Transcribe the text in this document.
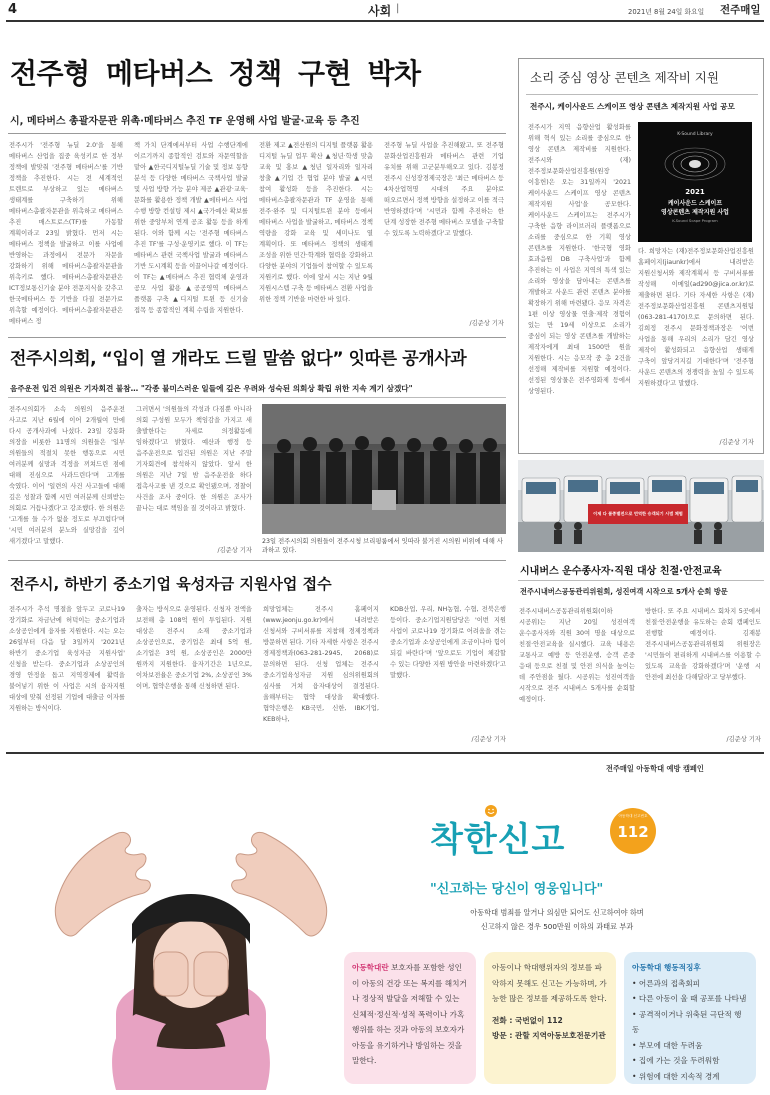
4	사회 |	2021년 8월 24일 화요일 전주매일
전주형 메타버스 정책 구현 박차
시, 메타버스 총괄자문관 위촉·메타버스 추진 TF 운영해 사업 발굴·교육 등 추진
전주시가 '전주형 뉴딜 2.0'을 통해 메타버스 산업을 집중 육성키로 한 정부 정책에 발맞춰 '전주형 메타버스'를 기반 정책을 추진한다. 시는 전 세계적인 트렌트로 부상하고 있는 메타버스 생태계를 구축하기 위해 메타버스총괄자문관을 위촉하고 메타버스 추진 매스트로스(TF)를 가동할 계획이라고 23일 밝혔다. 먼저 시는 메타버스 정책을 발굴하고 이를 사업에 반영하는 과정에서 전문가 자문을 강화하기 위해 메타버스총괄자문관을 위촉키로 했다. 메타버스총괄자문관은 ICT정보통신기술 분야 전문지식을 갖추고 한국메타버스 등 기반을 다질 전문가로 위촉할 예정이다. 메타버스총괄자문관은 메타버스 정
책 가치 단계에서부터 사업 수행단계에 이르기까지 종합적인 검토와 자문역할을 맡아 ▲한국디지털뉴딜 기술 및 정보 동향 분석 등 다양한 메타버스 국책사업 발굴 및 사업 방향 가능 분야 제공 ▲관광·교육·문화를 활용한 정책 개발 ▲메타버스 사업 수행 방향 컨설팅 제시 ▲국가예산 확보를 위한 중앙부처 연계 공조 활동 등을 하게 된다. 이와 함께 시는 '전주형 메타버스 추진 TF'를 구성·운영키로 했다. 이 TF는 메타버스 관련 국책사업 발굴과 메타버스 기반 도시계획 등을 이끌어나갈 예정이다. 이 TF는 ▲메타버스 추진 협력체 운영과 공모 사업 활용 ▲공공영역 메타버스 플랫폼 구축 ▲디지털 트윈 등 신기술 접목 등 종합적인 계획 수립을 지원한다.
전환 제고 ▲전산원의 디지털 플랫폼 활용 디지털 뉴딜 업무 확산 ▲청년·학생 맞춤 교육 및 홍보 ▲청년 일자리와 일자리 창출 ▲기업 간 협업 분야 발굴 ▲시민 참여 활성화 등을 추진한다. 시는 메타버스총괄자문관과 TF 운영을 통해 전주·완주 및 디지털트윈 분야 등에서 메타버스 사업을 발굴하고, 메타버스 정책 역량을 강화 교육 및 세미나도 열 계획이다. 또 메타버스 정책의 생태계 조성을 위한 민간·학계와 협력을 강화하고 다양한 분야의 기업들이 참여할 수 있도록 지원키로 했다. 이에 앞서 시는 지난 9월 지원시스템 구축 등 메타버스 전환 사업을 위한 정책 기반을 마련한 바 있다.
전주형 뉴딜 사업을 추진해왔고, 또 전주형 문화산업진흥원과 메타버스 관련 기업 유치를 위해 고군분투해오고 있다. 김봉정 전주시 신성장경제국장은 '최근 메타버스 등 4차산업혁명 시대의 주요 분야로 떠오르면서 정책 방향을 설정하고 이를 적극 반영하겠다'며 '시민과 함께 추진하는 한 단계 성장한 전주형 메타버스 모델을 구축할 수 있도록 노력하겠다'고 말했다.
/김준상 기자
소리 중심 영상 콘텐츠 제작비 지원
전주시, 케이사운드 스케이프 영상 콘텐츠 제작지원 사업 공모
전주시가 지역 음향산업 활성화를 위해 혁식 있는 소리를 중심으로 한 영상 콘텐츠 제작비를 지원한다. 전주시와 (재)전주정보문화산업진흥원(원장 이흥헌)은 오는 31일까지 '2021 케이사운드 스케이프 영상 콘텐츠 제작지원 사업'을 공모한다. 케이사운드 스케이프는 전주시가 구축한 음향 라이브러리 플랫폼으로 소리를 중심으로 한 기획 영상 콘텐츠를 지원한다. '한국형 영화 효과음원 DB 구축사업'과 함께 추진하는 이 사업은 지역의 특색 있는 소리와 영상을 담아내는 콘텐츠를 개발하고 사운드 관련 콘텐츠 분야를 확장하기 위해 마련됐다. 응모 자격은 1편 이상 영상물 연출·제작 경험이 있는 만 19세 이상으로 소리가 중심이 되는 영상 콘텐츠를 개발하는 제작자에게 최대 1500만 원을 지원한다. 시는 응모작 중 총 2건을 선정해 제작비를 지원할 예정이다. 선정된 영상물은 전주영화제 등에서 상영된다.
K-Sound Library
2021
케이사운드 스케이프
영상콘텐츠 제작지원 사업
K-Sound Scape Program
다. 희망자는 (재)전주정보문화산업진흥원 홈페이지(jiaunkr)에서 내려받은 지원신청서와 제작계획서 등 구비서류를 작성해 이메일(ad290@jica.or.kr)로 제출하면 된다. 기타 자세한 사항은 (재)전주정보문화산업진흥원 콘텐츠지원팀(063-281-4170)으로 문의하면 된다. 김희정 전주시 문화정책과장은 '이번 사업을 통해 우리의 소리가 담긴 영상 제작이 활성화되고 음향산업 생태계 구축이 앞당겨지길 기대한다'며 '전주형 사운드 콘텐츠의 경쟁력을 높일 수 있도록 지원하겠다'고 말했다.
/김준상 기자
전주시의회, “입이 열 개라도 드릴 말씀 없다” 잇따른 공개사과
음주운전 입건 의원은 기자회견 불참… "각종 불미스러운 일들에 깊은 우려와 성숙된 의회상 확립 위한 지속 계기 삼겠다"
전주시의회가 소속 의원의 음주운전 사고로 지난 6월에 이어 2개월여 만에 다시 공개사과에 나섰다. 23일 강동화 의장을 비롯한 11명의 의원들은 '일부 의원들의 적절치 못한 행동으로 시민 여러분께 실망과 걱정을 끼쳐드린 점에 대해 진심으로 사과드린다'며 고개를 숙였다. 이어 '일련의 사건 사고들에 대해 깊은 성찰과 함께 시민 여러분께 신뢰받는 의회로 거듭나겠다'고 강조했다. 한 의원은 '고개를 들 수가 없을 정도로 부끄럽다'며 '시민 여러분의 분노와 실망감을 깊이 새기겠다'고 말했다.
그러면서 '의원들의 각성과 다짐뿐 아니라 의회 구성원 모두가 책임감을 가지고 새 출발한다는 자세로 의정활동에 임하겠다'고 밝혔다. 예산과 행정 등 음주운전으로 입건된 의원은 지난 주말 기자회견에 참석하지 않았다. 앞서 한 의원은 지난 7일 밤 음주운전을 하다 접촉사고를 낸 것으로 확인됐으며, 경찰이 사건을 조사 중이다. 한 의원은 조사가 끝나는 대로 책임을 질 것이라고 밝혔다.
/김준상 기자
23일 전주시의회 의원들이 전주시청 브리핑룸에서 잇따라 불거진 시의원 비위에 대해 사과하고 있다.
이제 다 품종별전으로 번역한 승객되기 시범 체험
시내버스 운수종사자·직원 대상 친절·안전교육
전주시내버스공동관리위원회, 성진여객 시작으로 5개사 순회 방문
전주시내버스공동관리위원회(이하 시공위)는 지난 20일 성진여객 운수종사자와 직원 30여 명을 대상으로 친절·안전교육을 실시했다. 교육 내용은 교통사고 예방 등 안전운행, 승객 존중 응대 등으로 친절 및 안전 의식을 높이는 데 주안점을 뒀다. 시공위는 성진여객을 시작으로 전주 시내버스 5개사를 순회할 예정이다.
방한다. 또 주요 시내버스 회차지 5곳에서 친절·안전운행을 유도하는 순회 캠페인도 진행할 예정이다. 김재봉 전주시내버스공동관리위원회 위원장은 '시민들이 편리하게 시내버스를 이용할 수 있도록 교육을 강화하겠다'며 '운행 시 안전에 최선을 다해달라'고 당부했다.
/김준상 기자
전주시, 하반기 중소기업 육성자금 지원사업 접수
전주시가 추석 명절을 앞두고 코로나19 장기화로 자금난에 허덕이는 중소기업과 소상공인에게 융자를 지원한다. 시는 오는 26일부터 다음 달 3일까지 '2021년 하반기 중소기업 육성자금 지원사업' 신청을 받는다. 중소기업과 소상공인의 경영 안정을 돕고 지역경제에 활력을 불어넣기 위한 이 사업은 시의 융자지원 대상에 맞춰 선정된 기업에 대출금 이자를 지원하는 방식이다.
출자는 방식으로 운영된다. 신청자 전액을 보전해 총 108억 원이 투입된다. 지원 대상은 전주시 소재 중소기업과 소상공인으로, 중기업은 최대 5억 원, 소기업은 3억 원, 소상공인은 2000만 원까지 지원한다. 융자기간은 1년으로, 이차보전율은 중소기업 2%, 소상공인 3%이며, 협약은행을 통해 신청하면 된다.
희망업체는 전주시 홈페이지(www.jeonju.go.kr)에서 내려받은 신청서와 구비서류를 지참해 경제정책과 방문하면 된다. 기타 자세한 사항은 전주시 경제정책과(063-281-2945, 2068)로 문의하면 된다. 신청 업체는 전주시 중소기업육성자금 지원 심의위원회의 심사를 거쳐 융자대상이 결정된다. 올해부터는 협약 대상을 확대했다. 협약은행은 KB국민, 신한, IBK기업, KEB하나,
KDB산업, 우리, NH농협, 수협, 전북은행 등이다. 중소기업지원담당은 '이번 지원 사업이 코로나19 장기화로 어려움을 겪는 중소기업과 소상공인에게 조금이나마 힘이 되길 바란다'며 '앞으로도 기업이 체감할 수 있는 다양한 지원 방안을 마련하겠다'고 말했다.
/김준상 기자
전주매일 아동학대 예방 캠페인
착한신고
아동학대 신고번호
112
"신고하는 당신이 영웅입니다"
아동학대 범죄를 알거나 의심만 되어도 신고하여야 하며
신고하지 않은 경우 500만원 이하의 과태료 부과
아동학대란 보호자를 포함한 성인이 아동의 건강 또는 복지를 해치거나 정상적 발달을 저해할 수 있는 신체적·정신적·성적 폭력이나 가혹행위를 하는 것과 아동의 보호자가 아동을 유기하거나 방임하는 것을 말한다.
아동이나 학대행위자의 정보를 파악하지 못해도 신고는 가능하며, 가능한 많은 정보를 제공하도록 한다.
전화 : 국번없이 112
방문 : 관할 지역아동보호전문기관
아동학대 행동적징후
• 어른과의 접촉회피
• 다른 아동이 울 때 공포를 나타냄
• 공격적이거나 위축된 극단적 행동
• 부모에 대한 두려움
• 집에 가는 것을 두려워함
• 위험에 대한 지속적 경계
